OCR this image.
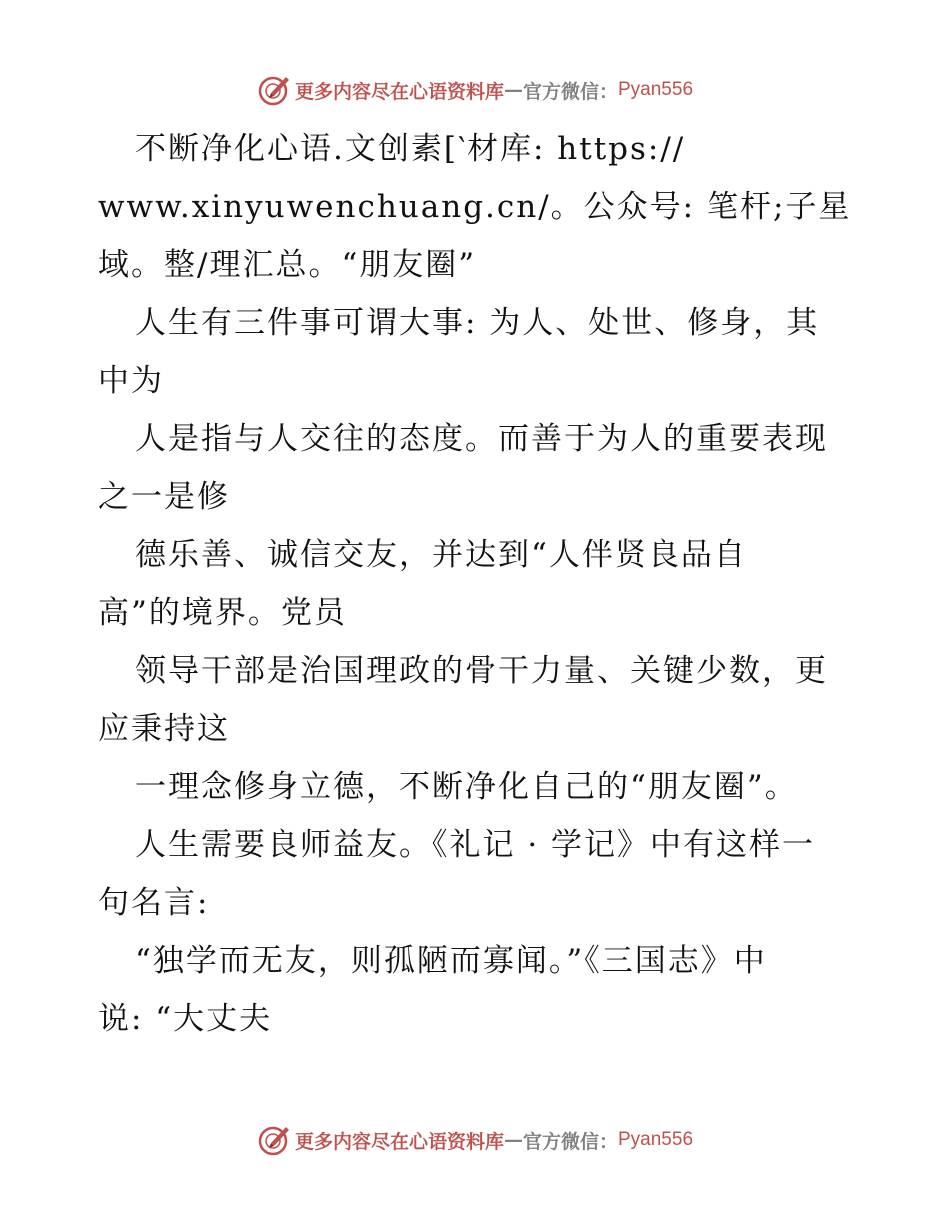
更多内容尽在心语资料库 — 官方微信： Pyan556
不断净化心语.文创素[‵材库: https://
www.xinyuwenchuang.cn/。公众号: 笔杆;子星
域。整/理汇总。“朋友圈”
人生有三件事可谓大事: 为人、处世、修身，其
中为
人是指与人交往的态度。而善于为人的重要表现
之一是修
德乐善、诚信交友，并达到“人伴贤良品自
高”的境界。党员
领导干部是治国理政的骨干力量、关键少数，更
应秉持这
一理念修身立德，不断净化自己的“朋友圈”。
人生需要良师益友。《礼记 · 学记》中有这样一
句名言:
“独学而无友，则孤陋而寡闻。”《三国志》中
说: “大丈夫
更多内容尽在心语资料库 — 官方微信： Pyan556
